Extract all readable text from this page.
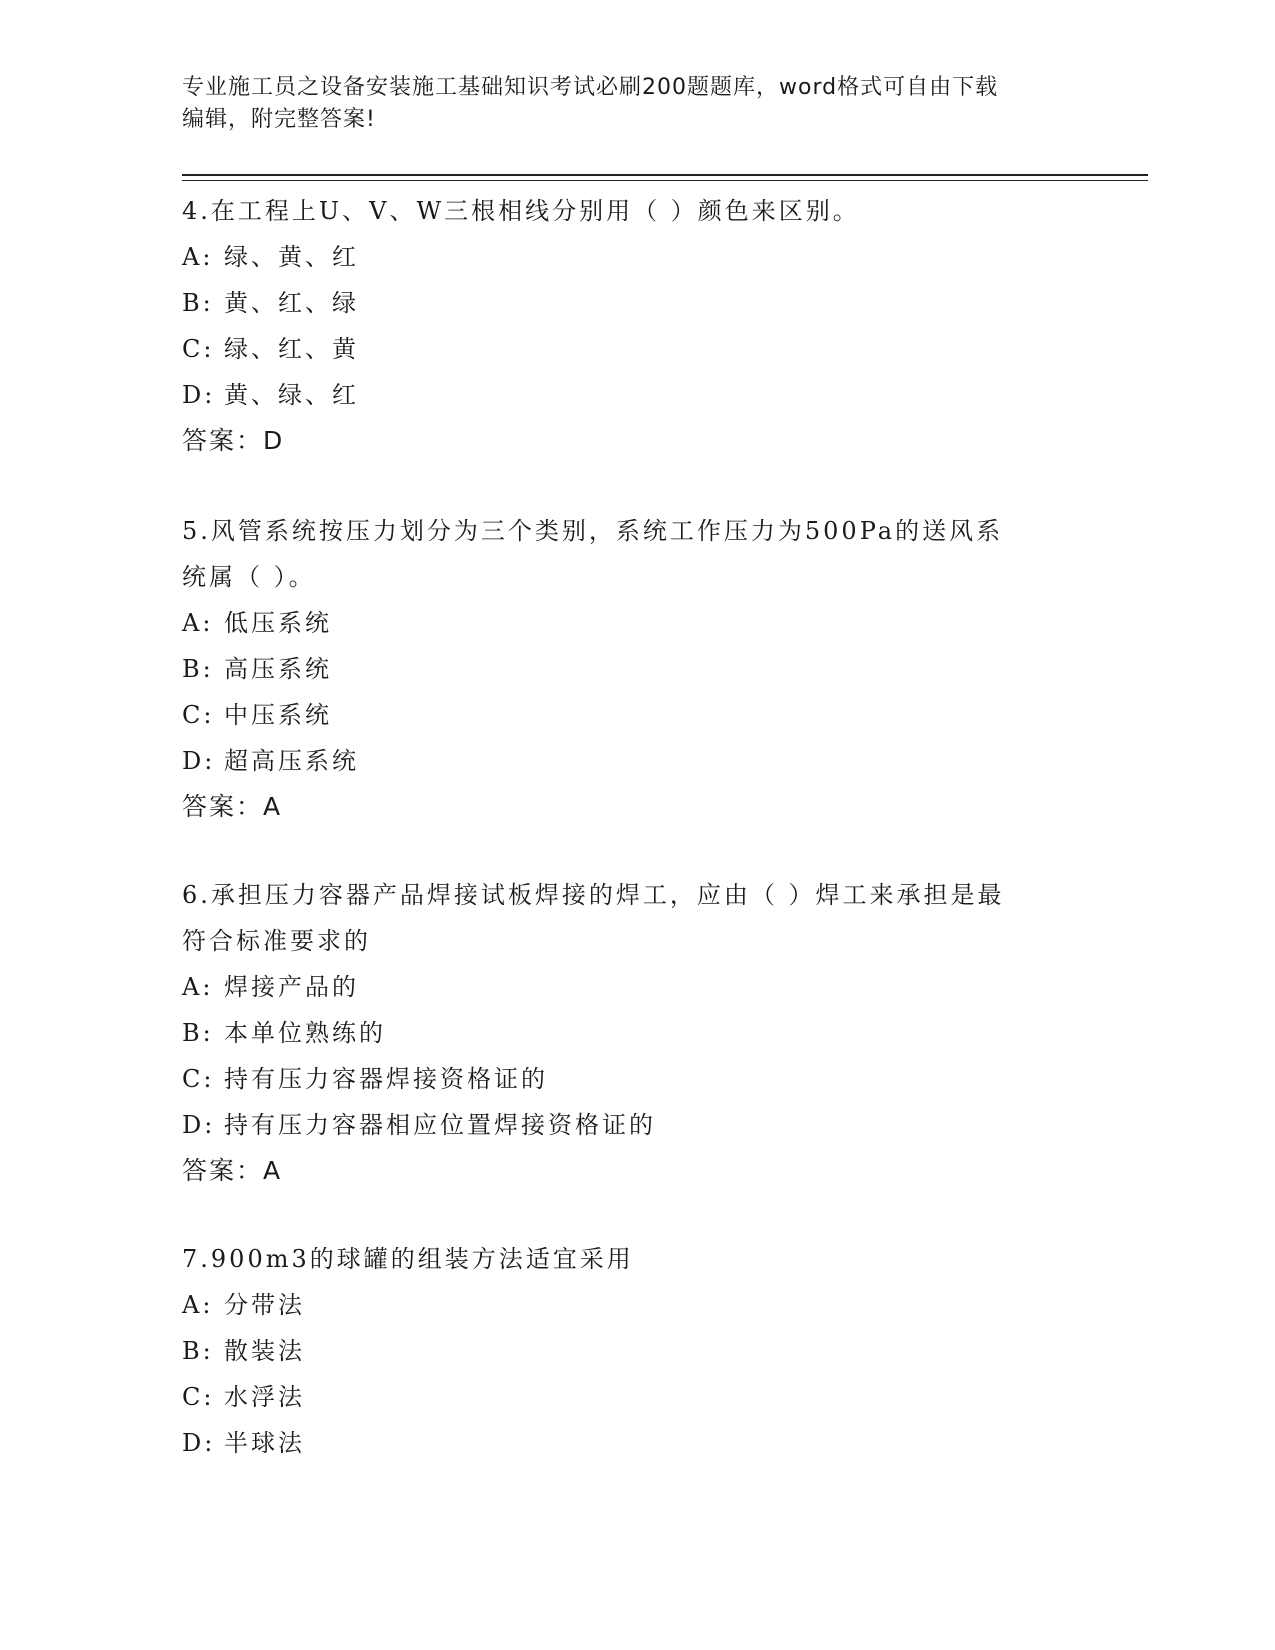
专业施工员之设备安装施工基础知识考试必刷200题题库，word格式可自由下载
编辑，附完整答案!
4.在工程上U、V、W三根相线分别用（ ）颜色来区别。
A: 绿、黄、红
B: 黄、红、绿
C: 绿、红、黄
D: 黄、绿、红
答案：D
5.风管系统按压力划分为三个类别，系统工作压力为500Pa的送风系
统属（ ）。
A: 低压系统
B: 高压系统
C: 中压系统
D: 超高压系统
答案：A
6.承担压力容器产品焊接试板焊接的焊工，应由（ ）焊工来承担是最
符合标准要求的
A: 焊接产品的
B: 本单位熟练的
C: 持有压力容器焊接资格证的
D: 持有压力容器相应位置焊接资格证的
答案：A
7.900m3的球罐的组装方法适宜采用
A: 分带法
B: 散装法
C: 水浮法
D: 半球法
